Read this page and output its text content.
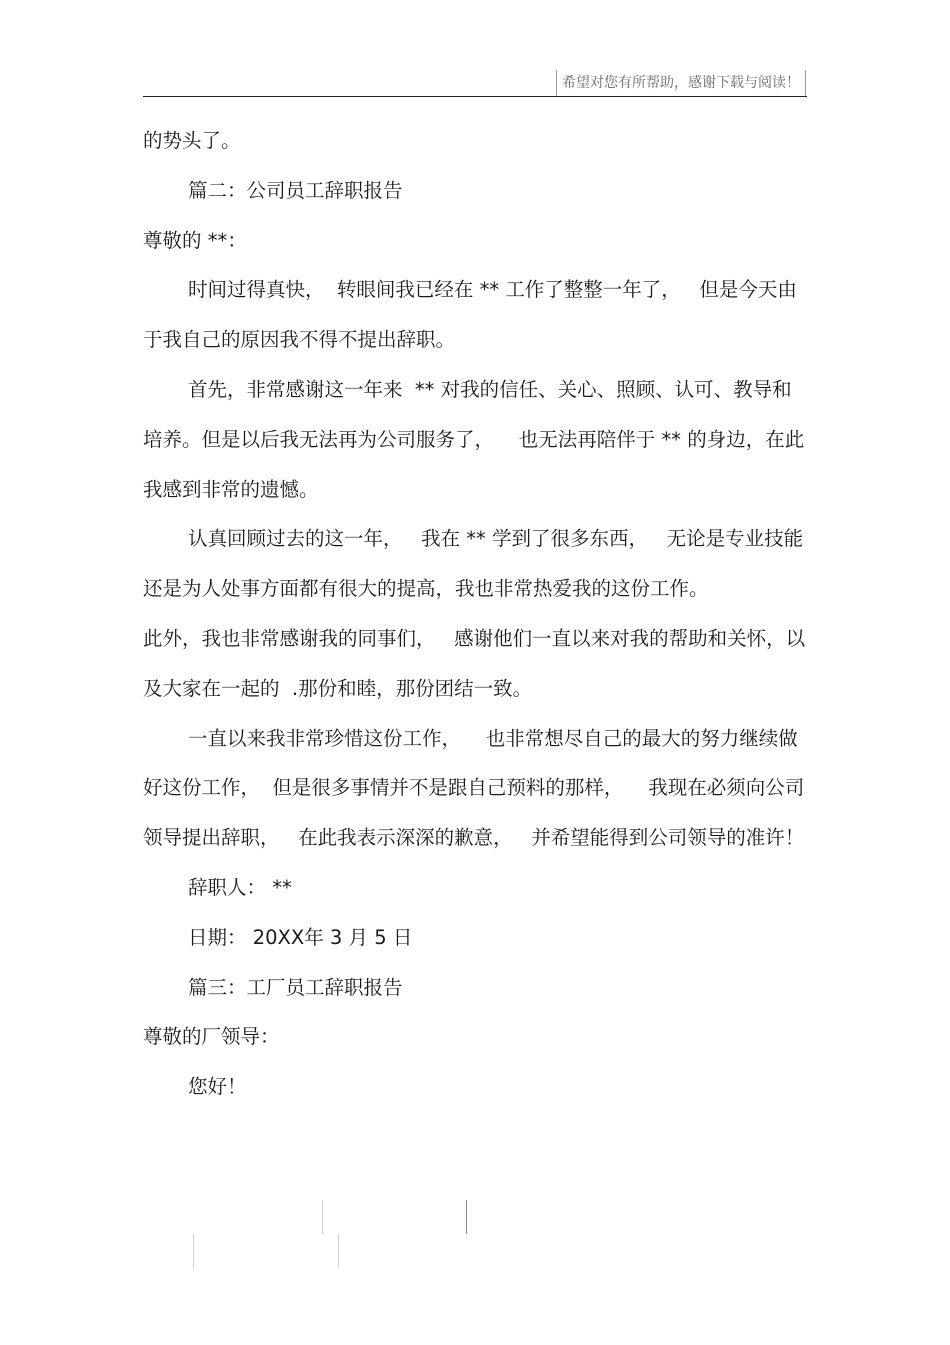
希望对您有所帮助，感谢下载与阅读！

的势头了。

篇二：公司员工辞职报告

尊敬的 **：

时间过得真快，  转眼间我已经在 ** 工作了整整一年了，   但是今天由于我自己的原因我不得不提出辞职。

首先，非常感谢这一年来  ** 对我的信任、关心、照顾、认可、教导和培养。但是以后我无法再为公司服务了，    也无法再陪伴于 ** 的身边，在此我感到非常的遗憾。

认真回顾过去的这一年，   我在 ** 学到了很多东西，   无论是专业技能还是为人处事方面都有很大的提高，我也非常热爱我的这份工作。

此外，我也非常感谢我的同事们，   感谢他们一直以来对我的帮助和关怀，以及大家在一起的  .那份和睦，那份团结一致。

一直以来我非常珍惜这份工作，    也非常想尽自己的最大的努力继续做好这份工作，  但是很多事情并不是跟自己预料的那样，    我现在必须向公司领导提出辞职，   在此我表示深深的歉意，   并希望能得到公司领导的准许！

辞职人： **

日期： 20XX年 3 月 5 日

篇三：工厂员工辞职报告

尊敬的厂领导：

您好！
